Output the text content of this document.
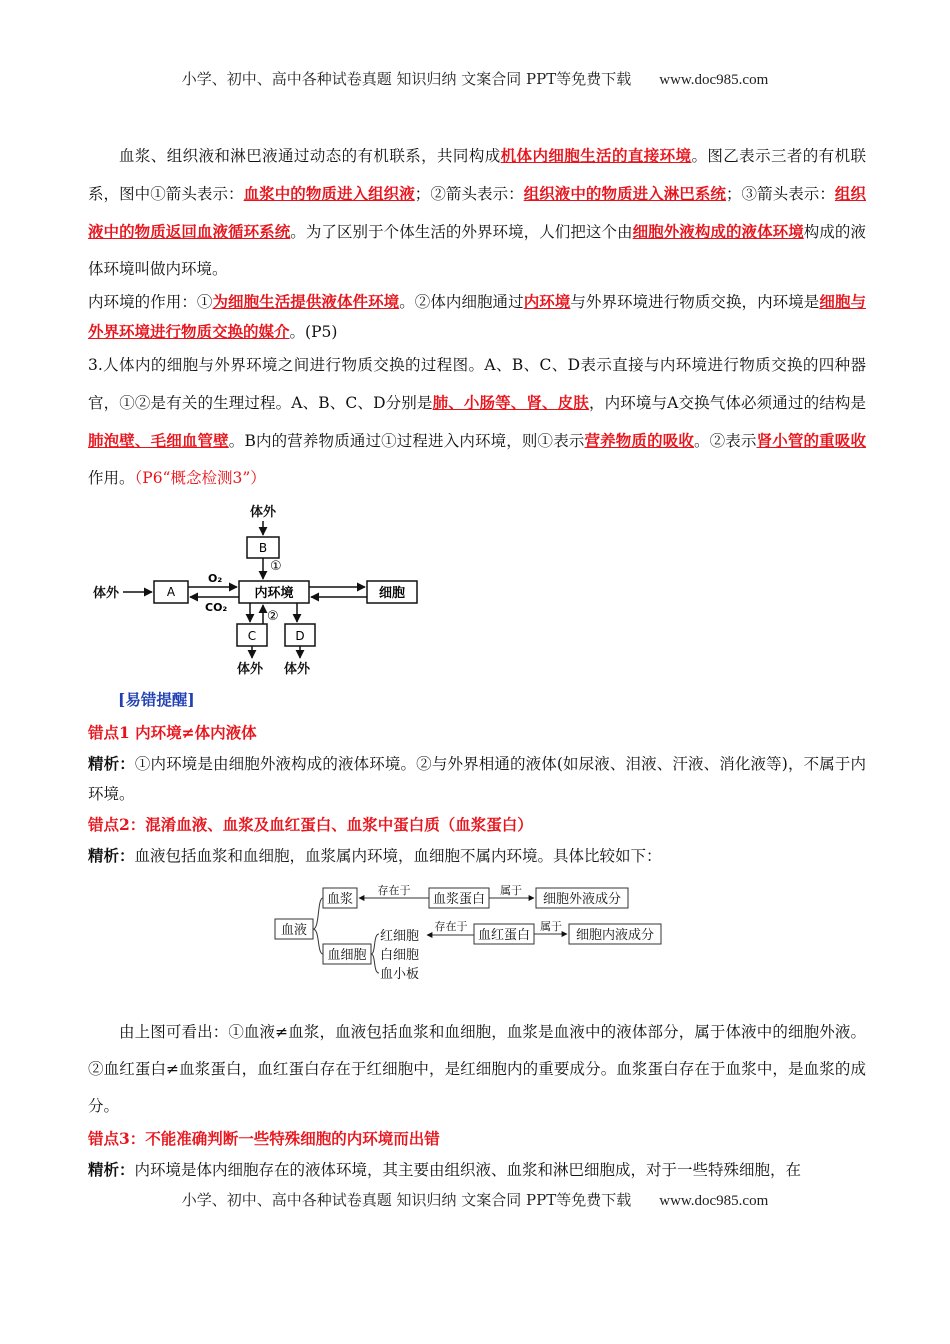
小学、初中、高中各种试卷真题 知识归纳 文案合同 PPT等免费下载 www.doc985.com

血浆、组织液和淋巴液通过动态的有机联系，共同构成机体内细胞生活的直接环境。图乙表示三者的有机联系，图中①箭头表示：血浆中的物质进入组织液；②箭头表示：组织液中的物质进入淋巴系统；③箭头表示：组织液中的物质返回血液循环系统。为了区别于个体生活的外界环境，人们把这个由细胞外液构成的液体环境构成的液体环境叫做内环境。

内环境的作用：①为细胞生活提供液体件环境。②体内细胞通过内环境与外界环境进行物质交换，内环境是细胞与外界环境进行物质交换的媒介。(P5)

3.人体内的细胞与外界环境之间进行物质交换的过程图。A、B、C、D表示直接与内环境进行物质交换的四种器官，①②是有关的生理过程。A、B、C、D分别是肺、小肠等、肾、皮肤，内环境与A交换气体必须通过的结构是肺泡壁、毛细血管壁。B内的营养物质通过①过程进入内环境，则①表示营养物质的吸收。②表示肾小管的重吸收作用。（P6“概念检测3”）

体外
体外
体外 体外
B
①
A
O₂
CO₂
内环境	细胞
②
C	D
[易错提醒]
错点1 内环境≠体内液体

精析：①内环境是由细胞外液构成的液体环境。②与外界相通的液体(如尿液、泪液、汗液、消化液等)，不属于内环境。

错点2：混淆血液、血浆及血红蛋白、血浆中蛋白质（血浆蛋白）

精析：血液包括血浆和血细胞，血浆属内环境，血细胞不属内环境。具体比较如下：

血液
血浆
存在于
血浆蛋白
属于
细胞外液成分
血细胞
红细胞
白细胞
血小板
存在于
血红蛋白
属于
细胞内液成分

由上图可看出：①血液≠血浆，血液包括血浆和血细胞，血浆是血液中的液体部分，属于体液中的细胞外液。②血红蛋白≠血浆蛋白，血红蛋白存在于红细胞中，是红细胞内的重要成分。血浆蛋白存在于血浆中，是血浆的成分。

错点3：不能准确判断一些特殊细胞的内环境而出错

精析：内环境是体内细胞存在的液体环境，其主要由组织液、血浆和淋巴细胞成，对于一些特殊细胞，在

小学、初中、高中各种试卷真题 知识归纳 文案合同 PPT等免费下载 www.doc985.com
